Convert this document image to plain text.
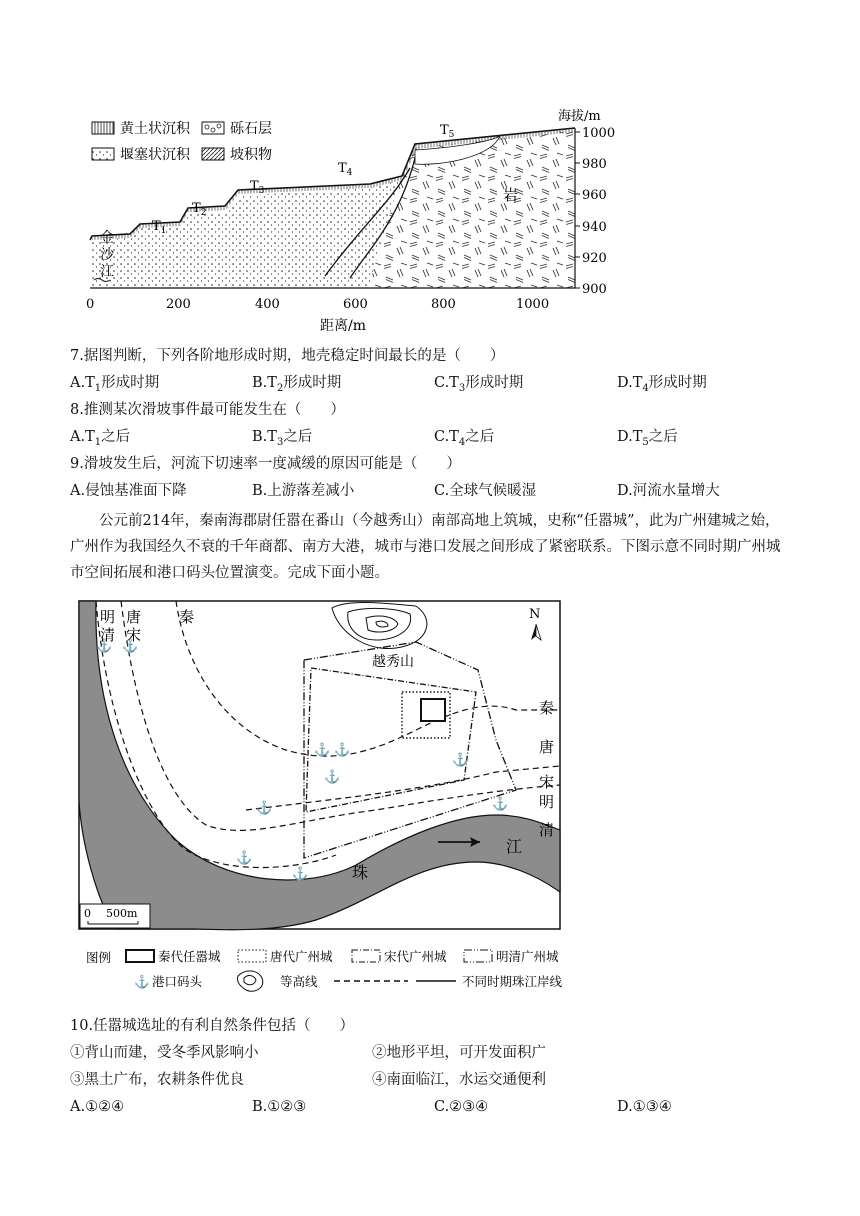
黄土状沉积	砾石层
堰塞状沉积	坡积物
海拔/m
1000
980
960
940
920
900
0	200	400	600	800	1000
距离/m
金
沙
江
岩
$T_1$
$T_2$
$T_3$
$T_4$
$T_5$
7.据图判断，下列各阶地形成时期，地壳稳定时间最长的是（　　）
$A.T_1$形成时期	$B.T_2$形成时期	$C.T_3$形成时期	$D.T_4$形成时期
8.推测某次滑坡事件最可能发生在（　　）
$A.T_1$之后	$B.T_3$之后	$C.T_4$之后	$D.T_5$之后
9.滑坡发生后，河流下切速率一度减缓的原因可能是（　　）
A.侵蚀基准面下降	B.上游落差减小	C.全球气候暖湿	D.河流水量增大

公元前214年，秦南海郡尉任嚣在番山（今越秀山）南部高地上筑城，史称“任嚣城”，此为广州建城之始，广州作为我国经久不衰的千年商都、南方大港，城市与港口发展之间形成了紧密联系。下图示意不同时期广州城市空间拓展和港口码头位置演变。完成下面小题。

⚓ ⚓
⚓ ⚓
⚓
⚓
⚓	⚓
⚓
⚓
明
清
唐
宋
秦
越秀山
N
秦
唐
宋
明
清
江
珠
0 500m
图例	秦代任嚣城	唐代广州城	宋代广州城	明清广州城
⚓ 港口码头	等高线	不同时期珠江岸线
10.任嚣城选址的有利自然条件包括（　　）
①背山而建，受冬季风影响小	②地形平坦，可开发面积广
③黑土广布，农耕条件优良	④南面临江，水运交通便利
A.①②④	B.①②③	C.②③④	D.①③④
